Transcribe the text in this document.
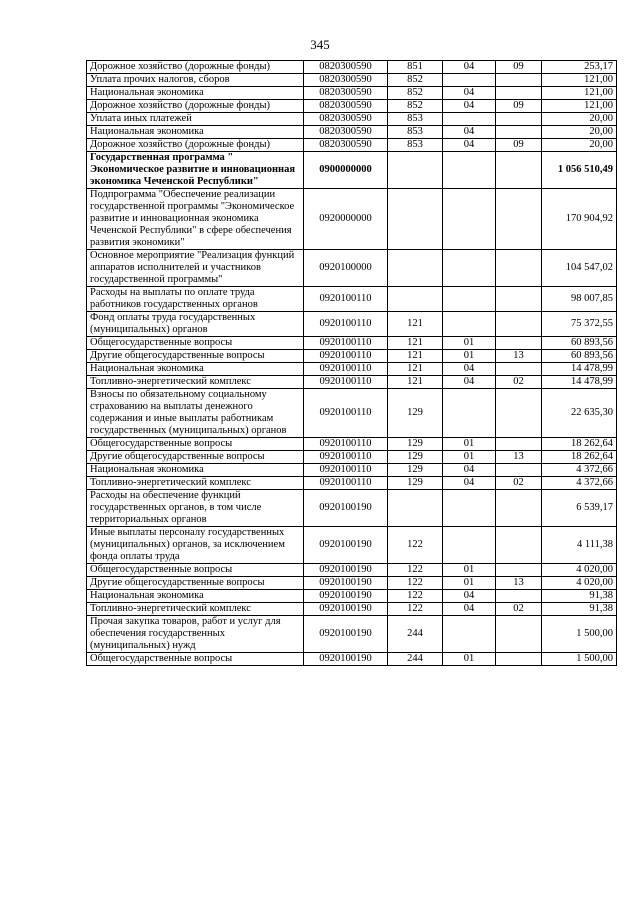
345
Дорожное хозяйство (дорожные фонды)	0820300590	851	04	09	253,17
Уплата прочих налогов, сборов	0820300590	852			121,00
Национальная экономика	0820300590	852	04		121,00
Дорожное хозяйство (дорожные фонды)	0820300590	852	04	09	121,00
Уплата иных платежей	0820300590	853			20,00
Национальная экономика	0820300590	853	04		20,00
Дорожное хозяйство (дорожные фонды)	0820300590	853	04	09	20,00
Государственная программа " Экономическое развитие и инновационная экономика Чеченской Республики"	0900000000				1 056 510,49
Подпрограмма "Обеспечение реализации государственной программы "Экономическое развитие и инновационная экономика Чеченской Республики" в сфере обеспечения развития экономики"	0920000000				170 904,92
Основное мероприятие "Реализация функций аппаратов исполнителей и участников государственной программы"	0920100000				104 547,02
Расходы на выплаты по оплате труда работников государственных органов	0920100110				98 007,85
Фонд оплаты труда государственных (муниципальных) органов	0920100110	121			75 372,55
Общегосударственные вопросы	0920100110	121	01		60 893,56
Другие общегосударственные вопросы	0920100110	121	01	13	60 893,56
Национальная экономика	0920100110	121	04		14 478,99
Топливно-энергетический комплекс	0920100110	121	04	02	14 478,99
Взносы по обязательному социальному страхованию на выплаты денежного содержания и иные выплаты работникам государственных (муниципальных) органов	0920100110	129			22 635,30
Общегосударственные вопросы	0920100110	129	01		18 262,64
Другие общегосударственные вопросы	0920100110	129	01	13	18 262,64
Национальная экономика	0920100110	129	04		4 372,66
Топливно-энергетический комплекс	0920100110	129	04	02	4 372,66
Расходы на обеспечение функций государственных органов, в том числе территориальных органов	0920100190				6 539,17
Иные выплаты персоналу государственных (муниципальных) органов, за исключением фонда оплаты труда	0920100190	122			4 111,38
Общегосударственные вопросы	0920100190	122	01		4 020,00
Другие общегосударственные вопросы	0920100190	122	01	13	4 020,00
Национальная экономика	0920100190	122	04		91,38
Топливно-энергетический комплекс	0920100190	122	04	02	91,38
Прочая закупка товаров, работ и услуг для обеспечения государственных (муниципальных) нужд	0920100190	244			1 500,00
Общегосударственные вопросы	0920100190	244	01		1 500,00
